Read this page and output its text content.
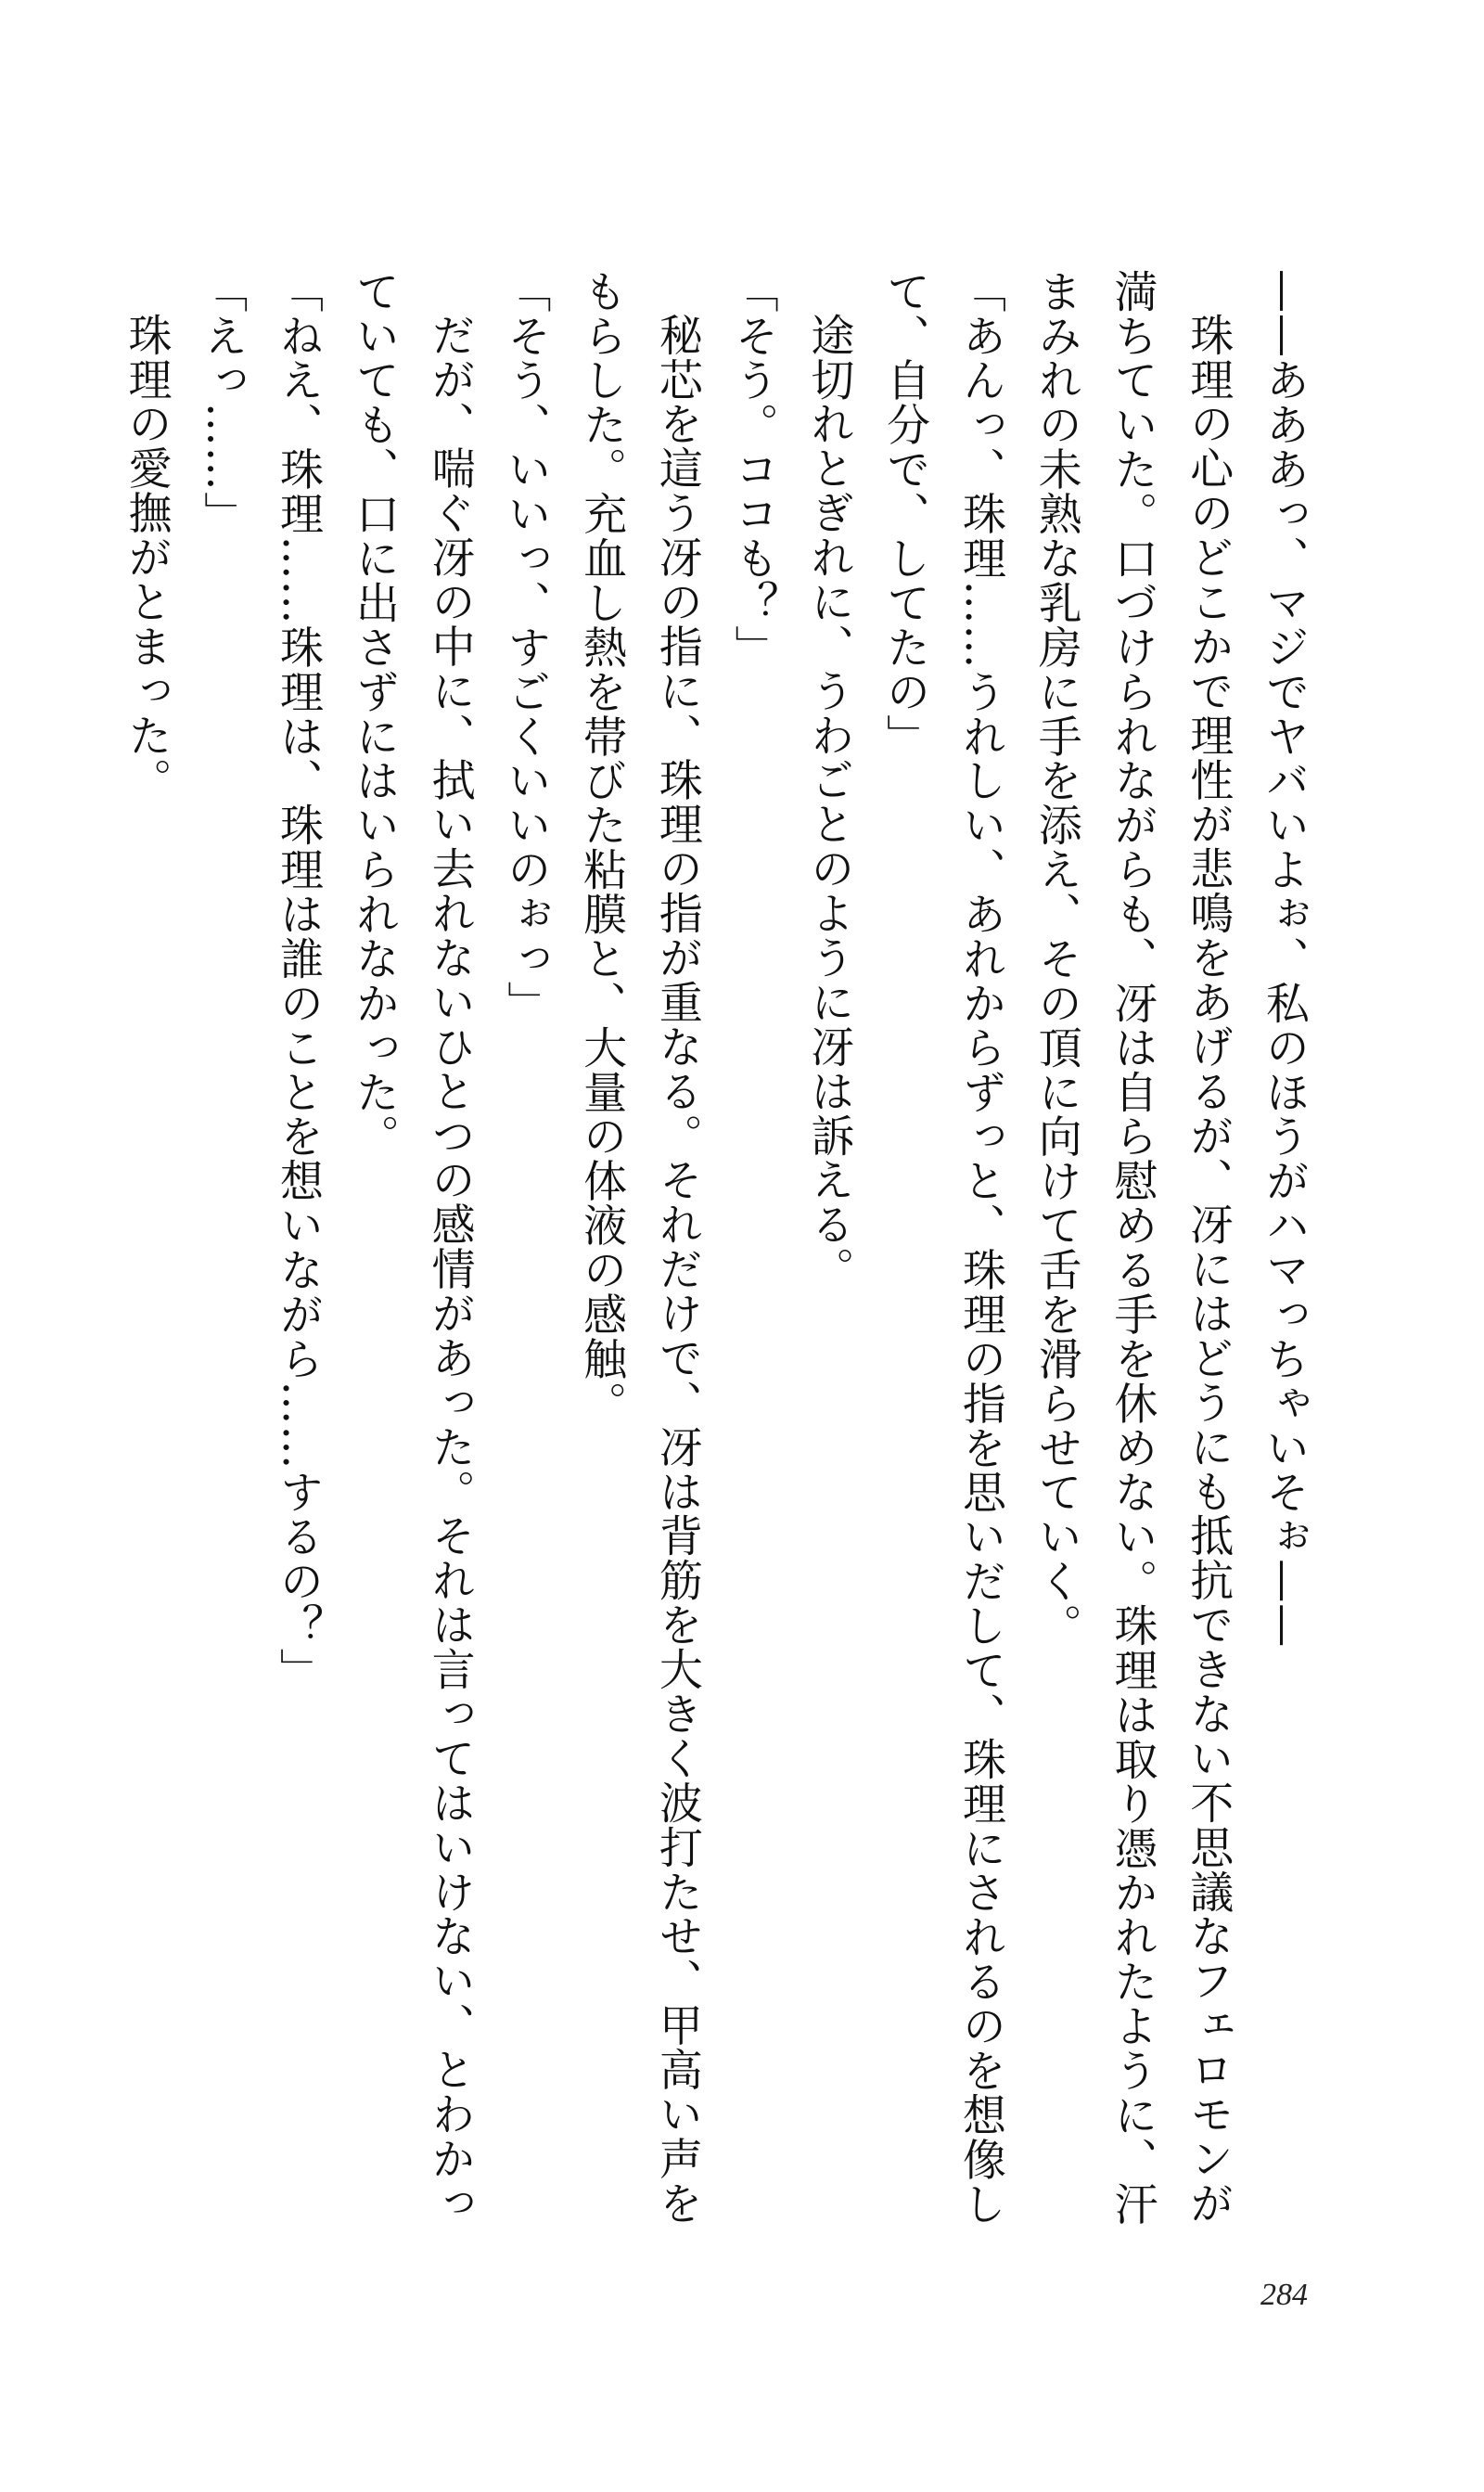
——あああっ、マジでヤバいよぉ、私のほうがハマっちゃいそぉ——

珠理の心のどこかで理性が悲鳴をあげるが、冴にはどうにも抵抗できない不思議なフェロモンが満ちていた。口づけられながらも、冴は自ら慰める手を休めない。珠理は取り憑かれたように、汗まみれの未熟な乳房に手を添え、その頂に向けて舌を滑らせていく。

「あんっ、珠理……うれしい、あれからずっと、珠理の指を思いだして、珠理にされるのを想像して、自分で、してたの」

途切れとぎれに、うわごとのように冴は訴える。

「そう。ココも？」

秘芯を這う冴の指に、珠理の指が重なる。それだけで、冴は背筋を大きく波打たせ、甲高い声をもらした。充血し熱を帯びた粘膜と、大量の体液の感触。

「そう、いいっ、すごくいいのぉっ」

だが、喘ぐ冴の中に、拭い去れないひとつの感情があった。それは言ってはいけない、とわかっていても、口に出さずにはいられなかった。

「ねえ、珠理……珠理は、珠理は誰のことを想いながら……するの？」

「えっ……」

珠理の愛撫がとまった。

284
